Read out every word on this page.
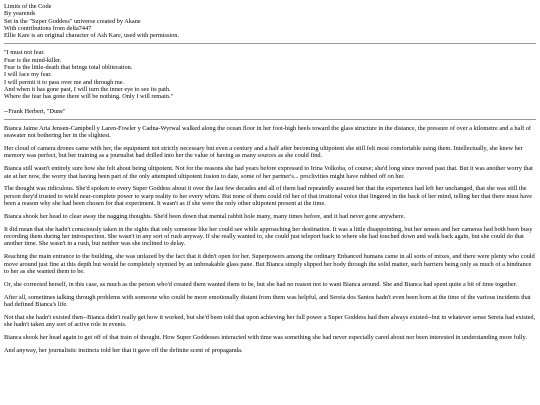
Limits of the Code
By yearends
Set in the "Super Goddess" universe created by Akane
With contributions from delta7447
Ellie Kare is an original character of Ash Kare, used with permission.
"I must not fear.
Fear is the mind-killer.
Fear is the little-death that brings total obliteration.
I will face my fear.
I will permit it to pass over me and through me.
And when it has gone past, I will turn the inner eye to see its path.
Where the fear has gone there will be nothing. Only I will remain."
--Frank Herbert, "Dune"

Bianca Jaime Aria Jensen-Campbell y Laren-Fowler y Cadna-Wyrwal walked along the ocean floor in her foot-high heels toward the glass structure in the distance, the pressure of over a kilometre and a half of seawater not bothering her in the slightest.

Her cloud of camera drones came with her, the equipment not strictly necessary but even a century and a half after becoming ultipotent she still felt most comfortable using them. Intellectually, she knew her memory was perfect, but her training as a journalist had drilled into her the value of having as many sources as she could find.

Bianca still wasn't entirely sure how she felt about being ultipotent. Not for the reasons she had years before expressed to Irina Volkoba, of course; she'd long since moved past that. But it was another worry that ate at her now, the worry that having been part of the only attempted ultipotent fusion to date, some of her partner's... proclivities might have rubbed off on her.

The thought was ridiculous. She'd spoken to every Super Goddess about it over the last few decades and all of them had repeatedly assured her that the experience had left her unchanged, that she was still the person they'd trusted to wield near-complete power to warp reality to her every whim. But none of them could rid her of that irrational voice that lingered in the back of her mind, telling her that there must have been a reason why she had been chosen for that experiment. It wasn't as if she were the only other ultipotent present at the time.

Bianca shook her head to clear away the nagging thoughts. She'd been down that mental rabbit hole many, many times before, and it had never gone anywhere.

It did mean that she hadn't consciously taken in the sights that only someone like her could see while approaching her destination. It was a little disappointing, but her senses and her cameras had both been busy recording them during her introspection. She wasn't in any sort of rush anyway. If she really wanted to, she could just teleport back to where she had touched down and walk back again, but she could do that another time. She wasn't in a rush, but neither was she inclined to delay.

Reaching the main entrance to the building, she was unfazed by the fact that it didn't open for her. Superpowers among the ordinary Enhanced humans came in all sorts of mixes, and there were plenty who could move around just fine at this depth but would be completely stymied by an unbreakable glass pane. But Bianca simply slipped her body through the solid matter, such barriers being only as much of a hindrance to her as she wanted them to be.

Or, she corrected herself, in this case, as much as the person who'd created them wanted them to be, but she had no reason not to want Bianca around. She and Bianca had spent quite a bit of time together.

After all, sometimes talking through problems with someone who could be more emotionally distant from them was helpful, and Sereia dos Santos hadn't even been born at the time of the various incidents that had defined Bianca's life.

Not that she hadn't existed then--Bianca didn't really get how it worked, but she'd been told that upon achieving her full power a Super Goddess had then always existed--but in whatever sense Sereia had existed, she hadn't taken any sort of active role in events.

Bianca shook her head again to get off of that train of thought. How Super Goddesses interacted with time was something she had never especially cared about nor been interested in understanding more fully.

And anyway, her journalistic instincts told her that it gave off the definite scent of propaganda.
